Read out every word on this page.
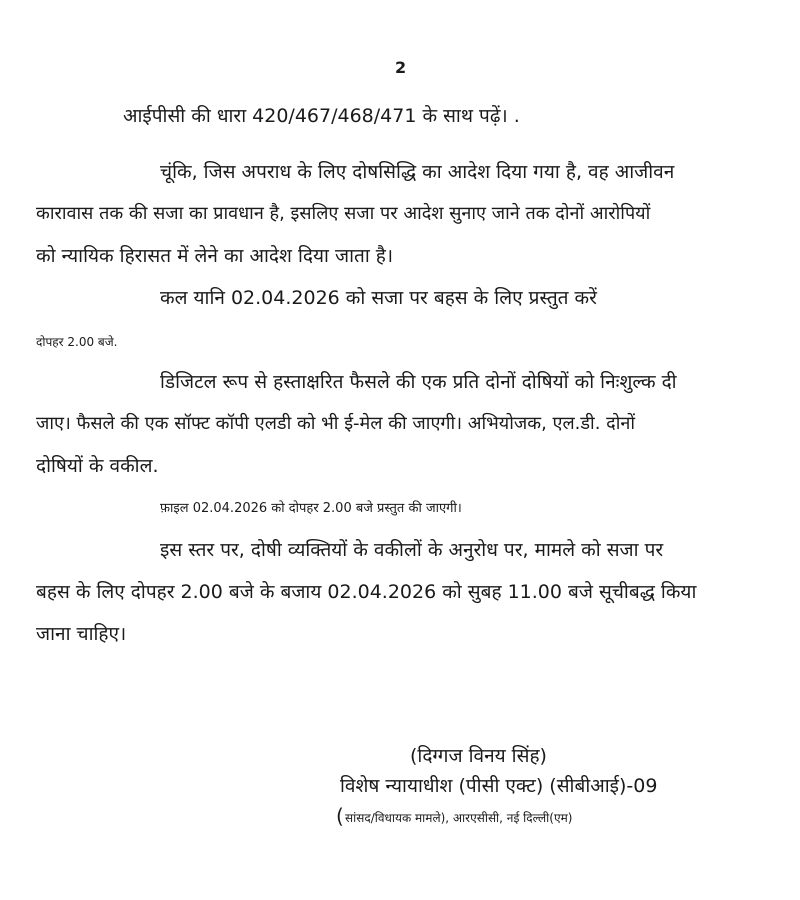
2
आईपीसी की धारा 420/467/468/471 के साथ पढ़ें। .
चूंकि, जिस अपराध के लिए दोषसिद्धि का आदेश दिया गया है, वह आजीवन
कारावास तक की सजा का प्रावधान है, इसलिए सजा पर आदेश सुनाए जाने तक दोनों आरोपियों
को न्यायिक हिरासत में लेने का आदेश दिया जाता है।
कल यानि 02.04.2026 को सजा पर बहस के लिए प्रस्तुत करें
दोपहर 2.00 बजे.
डिजिटल रूप से हस्ताक्षरित फैसले की एक प्रति दोनों दोषियों को निःशुल्क दी
जाए। फैसले की एक सॉफ्ट कॉपी एलडी को भी ई-मेल की जाएगी। अभियोजक, एल.डी. दोनों
दोषियों के वकील.
फ़ाइल 02.04.2026 को दोपहर 2.00 बजे प्रस्तुत की जाएगी।
इस स्तर पर, दोषी व्यक्तियों के वकीलों के अनुरोध पर, मामले को सजा पर
बहस के लिए दोपहर 2.00 बजे के बजाय 02.04.2026 को सुबह 11.00 बजे सूचीबद्ध किया
जाना चाहिए।
(दिग्गज विनय सिंह)
विशेष न्यायाधीश (पीसी एक्ट) (सीबीआई)-09
( सांसद/विधायक मामले), आरएसीसी, नई दिल्ली(एम)
